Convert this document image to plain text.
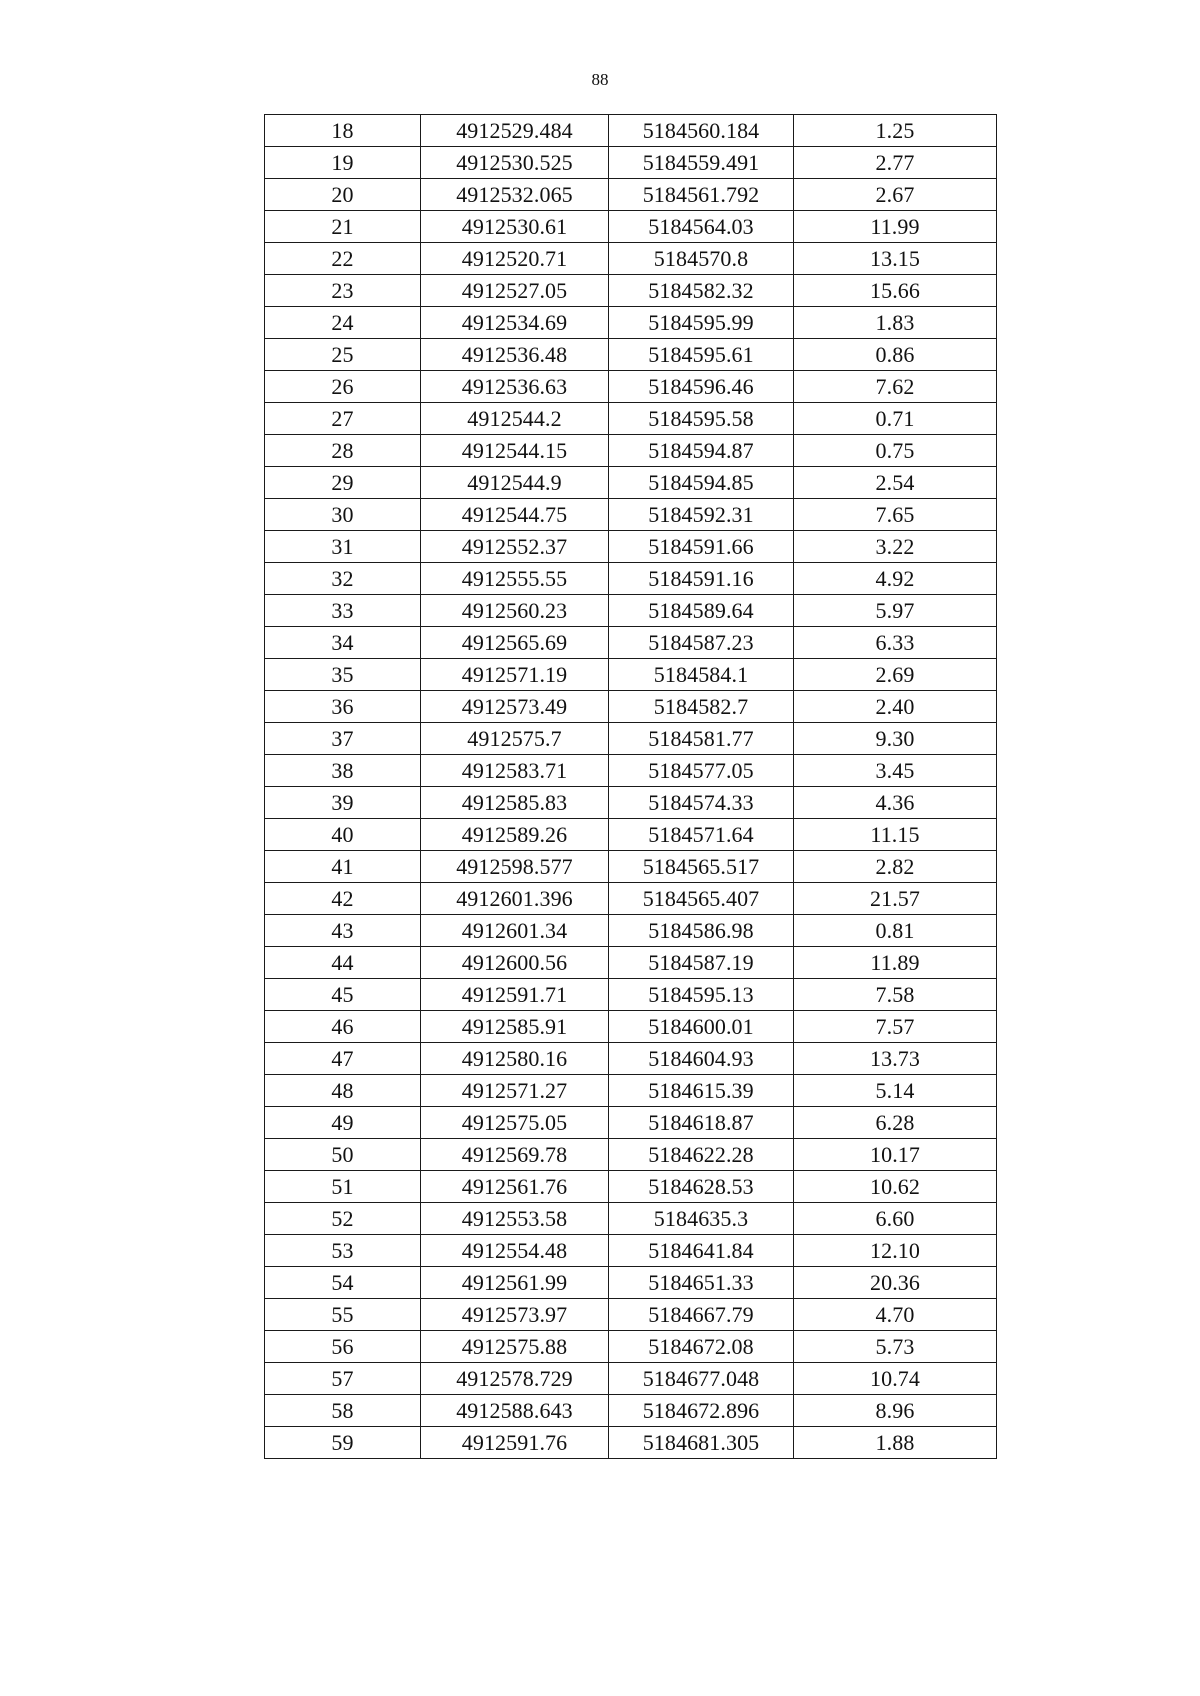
88
18	4912529.484	5184560.184	1.25
19	4912530.525	5184559.491	2.77
20	4912532.065	5184561.792	2.67
21	4912530.61	5184564.03	11.99
22	4912520.71	5184570.8	13.15
23	4912527.05	5184582.32	15.66
24	4912534.69	5184595.99	1.83
25	4912536.48	5184595.61	0.86
26	4912536.63	5184596.46	7.62
27	4912544.2	5184595.58	0.71
28	4912544.15	5184594.87	0.75
29	4912544.9	5184594.85	2.54
30	4912544.75	5184592.31	7.65
31	4912552.37	5184591.66	3.22
32	4912555.55	5184591.16	4.92
33	4912560.23	5184589.64	5.97
34	4912565.69	5184587.23	6.33
35	4912571.19	5184584.1	2.69
36	4912573.49	5184582.7	2.40
37	4912575.7	5184581.77	9.30
38	4912583.71	5184577.05	3.45
39	4912585.83	5184574.33	4.36
40	4912589.26	5184571.64	11.15
41	4912598.577	5184565.517	2.82
42	4912601.396	5184565.407	21.57
43	4912601.34	5184586.98	0.81
44	4912600.56	5184587.19	11.89
45	4912591.71	5184595.13	7.58
46	4912585.91	5184600.01	7.57
47	4912580.16	5184604.93	13.73
48	4912571.27	5184615.39	5.14
49	4912575.05	5184618.87	6.28
50	4912569.78	5184622.28	10.17
51	4912561.76	5184628.53	10.62
52	4912553.58	5184635.3	6.60
53	4912554.48	5184641.84	12.10
54	4912561.99	5184651.33	20.36
55	4912573.97	5184667.79	4.70
56	4912575.88	5184672.08	5.73
57	4912578.729	5184677.048	10.74
58	4912588.643	5184672.896	8.96
59	4912591.76	5184681.305	1.88
